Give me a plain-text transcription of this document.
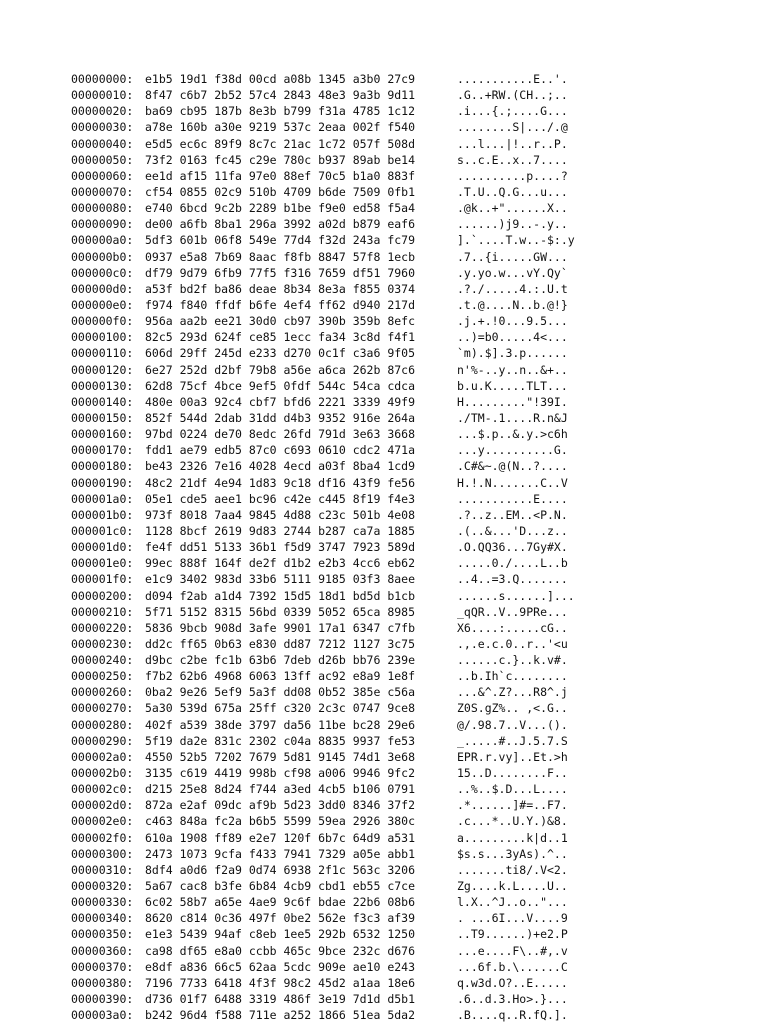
00000000: e1b5 19d1 f38d 00cd a08b 1345 a3b0 27c9	...........E..'.
00000010: 8f47 c6b7 2b52 57c4 2843 48e3 9a3b 9d11	.G..+RW.(CH..;..
00000020: ba69 cb95 187b 8e3b b799 f31a 4785 1c12	.i...{.;....G...
00000030: a78e 160b a30e 9219 537c 2eaa 002f f540	........S|.../.@
00000040: e5d5 ec6c 89f9 8c7c 21ac 1c72 057f 508d	...l...|!..r..P.
00000050: 73f2 0163 fc45 c29e 780c b937 89ab be14	s..c.E..x..7....
00000060: ee1d af15 11fa 97e0 88ef 70c5 b1a0 883f	..........p....?
00000070: cf54 0855 02c9 510b 4709 b6de 7509 0fb1	.T.U..Q.G...u...
00000080: e740 6bcd 9c2b 2289 b1be f9e0 ed58 f5a4	.@k..+"......X..
00000090: de00 a6fb 8ba1 296a 3992 a02d b879 eaf6	......)j9..-.y..
000000a0: 5df3 601b 06f8 549e 77d4 f32d 243a fc79	].`....T.w..-$:.y
000000b0: 0937 e5a8 7b69 8aac f8fb 8847 57f8 1ecb	.7..{i.....GW...
000000c0: df79 9d79 6fb9 77f5 f316 7659 df51 7960	.y.yo.w...vY.Qy`
000000d0: a53f bd2f ba86 deae 8b34 8e3a f855 0374	.?./.....4.:.U.t
000000e0: f974 f840 ffdf b6fe 4ef4 ff62 d940 217d	.t.@....N..b.@!}
000000f0: 956a aa2b ee21 30d0 cb97 390b 359b 8efc	.j.+.!0...9.5...
00000100: 82c5 293d 624f ce85 1ecc fa34 3c8d f4f1	..)=b0.....4<...
00000110: 606d 29ff 245d e233 d270 0c1f c3a6 9f05	`m).$].3.p......
00000120: 6e27 252d d2bf 79b8 a56e a6ca 262b 87c6	n'%-..y..n..&+..
00000130: 62d8 75cf 4bce 9ef5 0fdf 544c 54ca cdca	b.u.K.....TLT...
00000140: 480e 00a3 92c4 cbf7 bfd6 2221 3339 49f9	H........."!39I.
00000150: 852f 544d 2dab 31dd d4b3 9352 916e 264a	./TM-.1....R.n&J
00000160: 97bd 0224 de70 8edc 26fd 791d 3e63 3668	...$.p..&.y.>c6h
00000170: fdd1 ae79 edb5 87c0 c693 0610 cdc2 471a	...y..........G.
00000180: be43 2326 7e16 4028 4ecd a03f 8ba4 1cd9	.C#&~.@(N..?....
00000190: 48c2 21df 4e94 1d83 9c18 df16 43f9 fe56	H.!.N.......C..V
000001a0: 05e1 cde5 aee1 bc96 c42e c445 8f19 f4e3	...........E....
000001b0: 973f 8018 7aa4 9845 4d88 c23c 501b 4e08	.?..z..EM..<P.N.
000001c0: 1128 8bcf 2619 9d83 2744 b287 ca7a 1885	.(..&...'D...z..
000001d0: fe4f dd51 5133 36b1 f5d9 3747 7923 589d	.O.QQ36...7Gy#X.
000001e0: 99ec 888f 164f de2f d1b2 e2b3 4cc6 eb62	.....0./....L..b
000001f0: e1c9 3402 983d 33b6 5111 9185 03f3 8aee	..4..=3.Q.......
00000200: d094 f2ab a1d4 7392 15d5 18d1 bd5d b1cb	......s......]...
00000210: 5f71 5152 8315 56bd 0339 5052 65ca 8985	_qQR..V..9PRe...
00000220: 5836 9bcb 908d 3afe 9901 17a1 6347 c7fb	X6....:.....cG..
00000230: dd2c ff65 0b63 e830 dd87 7212 1127 3c75	.,.e.c.0..r..'<u
00000240: d9bc c2be fc1b 63b6 7deb d26b bb76 239e	......c.}..k.v#.
00000250: f7b2 62b6 4968 6063 13ff ac92 e8a9 1e8f	..b.Ih`c........
00000260: 0ba2 9e26 5ef9 5a3f dd08 0b52 385e c56a	...&^.Z?...R8^.j
00000270: 5a30 539d 675a 25ff c320 2c3c 0747 9ce8	Z0S.gZ%.. ,<.G..
00000280: 402f a539 38de 3797 da56 11be bc28 29e6	@/.98.7..V...().
00000290: 5f19 da2e 831c 2302 c04a 8835 9937 fe53	_.....#..J.5.7.S
000002a0: 4550 52b5 7202 7679 5d81 9145 74d1 3e68	EPR.r.vy]..Et.>h
000002b0: 3135 c619 4419 998b cf98 a006 9946 9fc2	15..D........F..
000002c0: d215 25e8 8d24 f744 a3ed 4cb5 b106 0791	..%..$.D...L....
000002d0: 872a e2af 09dc af9b 5d23 3dd0 8346 37f2	.*......]#=..F7.
000002e0: c463 848a fc2a b6b5 5599 59ea 2926 380c	.c...*..U.Y.)&8.
000002f0: 610a 1908 ff89 e2e7 120f 6b7c 64d9 a531	a.........k|d..1
00000300: 2473 1073 9cfa f433 7941 7329 a05e abb1	$s.s...3yAs).^..
00000310: 8df4 a0d6 f2a9 0d74 6938 2f1c 563c 3206	.......ti8/.V<2.
00000320: 5a67 cac8 b3fe 6b84 4cb9 cbd1 eb55 c7ce	Zg....k.L....U..
00000330: 6c02 58b7 a65e 4ae9 9c6f bdae 22b6 08b6	l.X..^J..o.."...
00000340: 8620 c814 0c36 497f 0be2 562e f3c3 af39	. ...6I...V....9
00000350: e1e3 5439 94af c8eb 1ee5 292b 6532 1250	..T9......)+e2.P
00000360: ca98 df65 e8a0 ccbb 465c 9bce 232c d676	...e....F\..#,.v
00000370: e8df a836 66c5 62aa 5cdc 909e ae10 e243	...6f.b.\......C
00000380: 7196 7733 6418 4f3f 98c2 45d2 a1aa 18e6	q.w3d.O?..E.....
00000390: d736 01f7 6488 3319 486f 3e19 7d1d d5b1	.6..d.3.Ho>.}...
000003a0: b242 96d4 f588 711e a252 1866 51ea 5da2	.B....q..R.fQ.].
